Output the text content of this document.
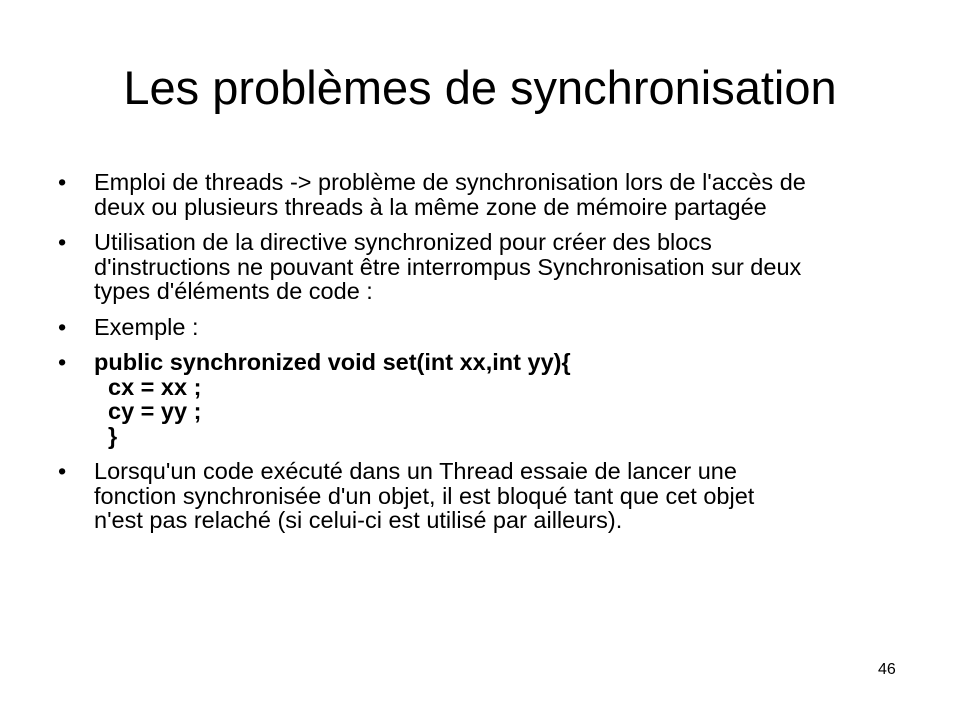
Les problèmes de synchronisation
•	Emploi de threads -> problème de synchronisation lors de l'accès de
deux ou plusieurs threads à la même zone de mémoire partagée
•	Utilisation de la directive synchronized pour créer des blocs
d'instructions ne pouvant être interrompus Synchronisation sur deux
types d'éléments de code :
•	Exemple :
•	public synchronized void set(int xx,int yy){
cx = xx ;
cy = yy ;
}
•	Lorsqu'un code exécuté dans un Thread essaie de lancer une
fonction synchronisée d'un objet, il est bloqué tant que cet objet
n'est pas relaché (si celui-ci est utilisé par ailleurs).
46
